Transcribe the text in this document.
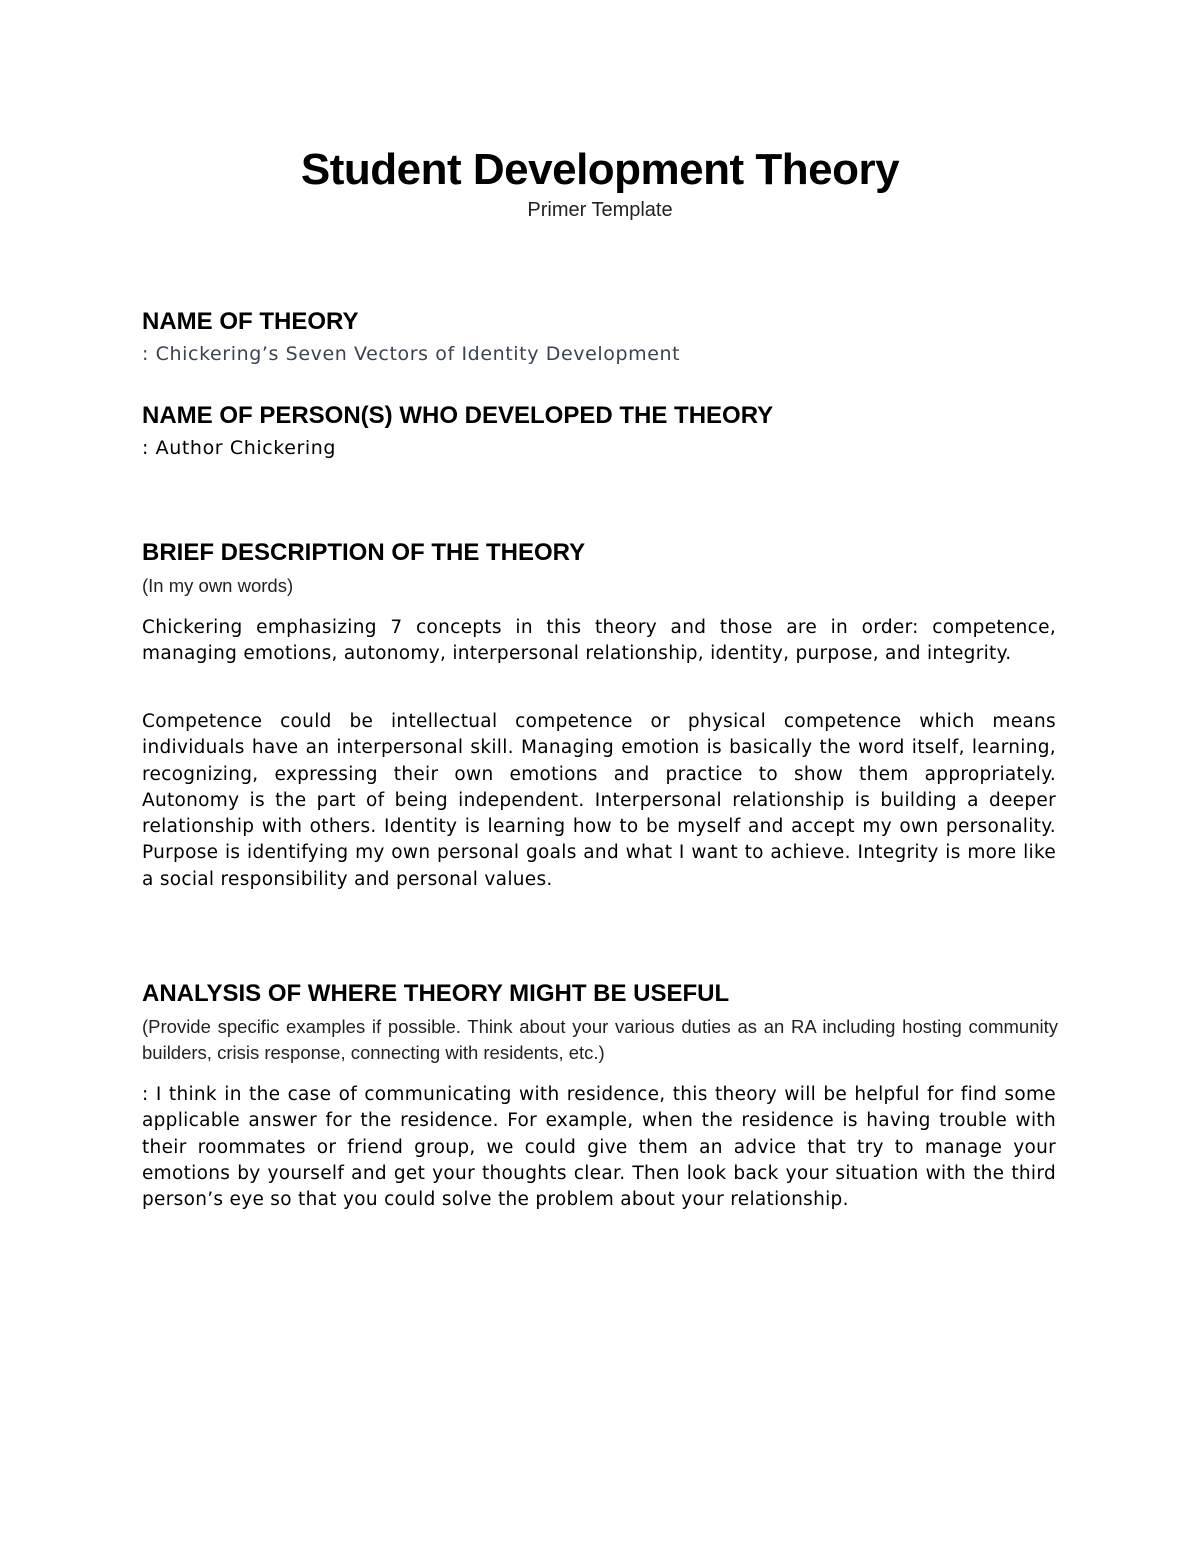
Student Development Theory
Primer Template
NAME OF THEORY
: Chickering’s Seven Vectors of Identity Development
NAME OF PERSON(S) WHO DEVELOPED THE THEORY
: Author Chickering
BRIEF DESCRIPTION OF THE THEORY
(In my own words)
Chickering emphasizing 7 concepts in this theory and those are in order: competence, managing emotions, autonomy, interpersonal relationship, identity, purpose, and integrity.
Competence could be intellectual competence or physical competence which means individuals have an interpersonal skill. Managing emotion is basically the word itself, learning, recognizing, expressing their own emotions and practice to show them appropriately. Autonomy is the part of being independent. Interpersonal relationship is building a deeper relationship with others. Identity is learning how to be myself and accept my own personality. Purpose is identifying my own personal goals and what I want to achieve. Integrity is more like a social responsibility and personal values.
ANALYSIS OF WHERE THEORY MIGHT BE USEFUL
(Provide specific examples if possible. Think about your various duties as an RA including hosting community builders, crisis response, connecting with residents, etc.)
: I think in the case of communicating with residence, this theory will be helpful for find some applicable answer for the residence. For example, when the residence is having trouble with their roommates or friend group, we could give them an advice that try to manage your emotions by yourself and get your thoughts clear. Then look back your situation with the third person’s eye so that you could solve the problem about your relationship.
